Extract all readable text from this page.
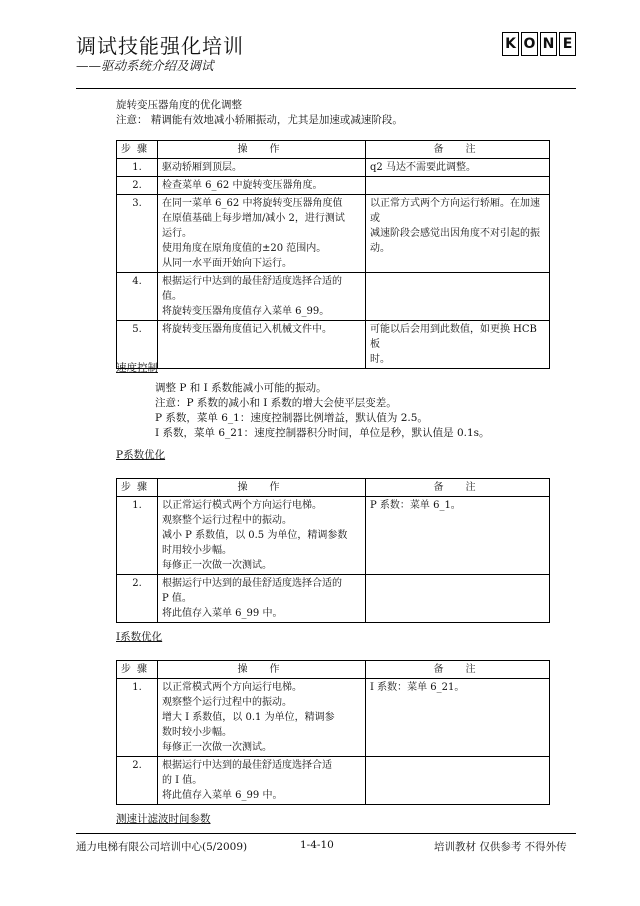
调试技能强化培训
——驱动系统介绍及调试
K O N E
旋转变压器角度的优化调整
注意： 精调能有效地减小轿厢振动，尤其是加速或减速阶段。
步骤	操　作	备　注
1.	驱动轿厢到顶层。	q2 马达不需要此调整。

2.	检查菜单 6_62 中旋转变压器角度。	

3.	在同一菜单 6_62 中将旋转变压器角度值
在原值基础上每步增加/减小 2，进行测试
运行。
使用角度在原角度值的±20 范围内。
从同一水平面开始向下运行。	以正常方式两个方向运行轿厢。在加速或
减速阶段会感觉出因角度不对引起的振
动。

4.	根据运行中达到的最佳舒适度选择合适的
值。
将旋转变压器角度值存入菜单 6_99。	

5.	将旋转变压器角度值记入机械文件中。	可能以后会用到此数值，如更换 HCB 板
时。
速度控制
调整 P 和 I 系数能减小可能的振动。
注意：P 系数的减小和 I 系数的增大会使平层变差。
P 系数，菜单 6_1：速度控制器比例增益，默认值为 2.5。
I 系数，菜单 6_21：速度控制器积分时间，单位是秒，默认值是 0.1s。
P系数优化
步骤	操　作	备　注
1.	以正常运行模式两个方向运行电梯。
观察整个运行过程中的振动。
减小 P 系数值，以 0.5 为单位，精调参数
时用较小步幅。
每修正一次做一次测试。	P 系数：菜单 6_1。

2.	根据运行中达到的最佳舒适度选择合适的
P 值。
将此值存入菜单 6_99 中。	

I系数优化
步骤	操　作	备　注
1.	以正常模式两个方向运行电梯。
观察整个运行过程中的振动。
增大 I 系数值，以 0.1 为单位，精调参
数时较小步幅。
每修正一次做一次测试。	I 系数：菜单 6_21。

2.	根据运行中达到的最佳舒适度选择合适
的 I 值。
将此值存入菜单 6_99 中。	

测速计滤波时间参数
通力电梯有限公司培训中心(5/2009)	1-4-10	培训教材 仅供参考 不得外传
